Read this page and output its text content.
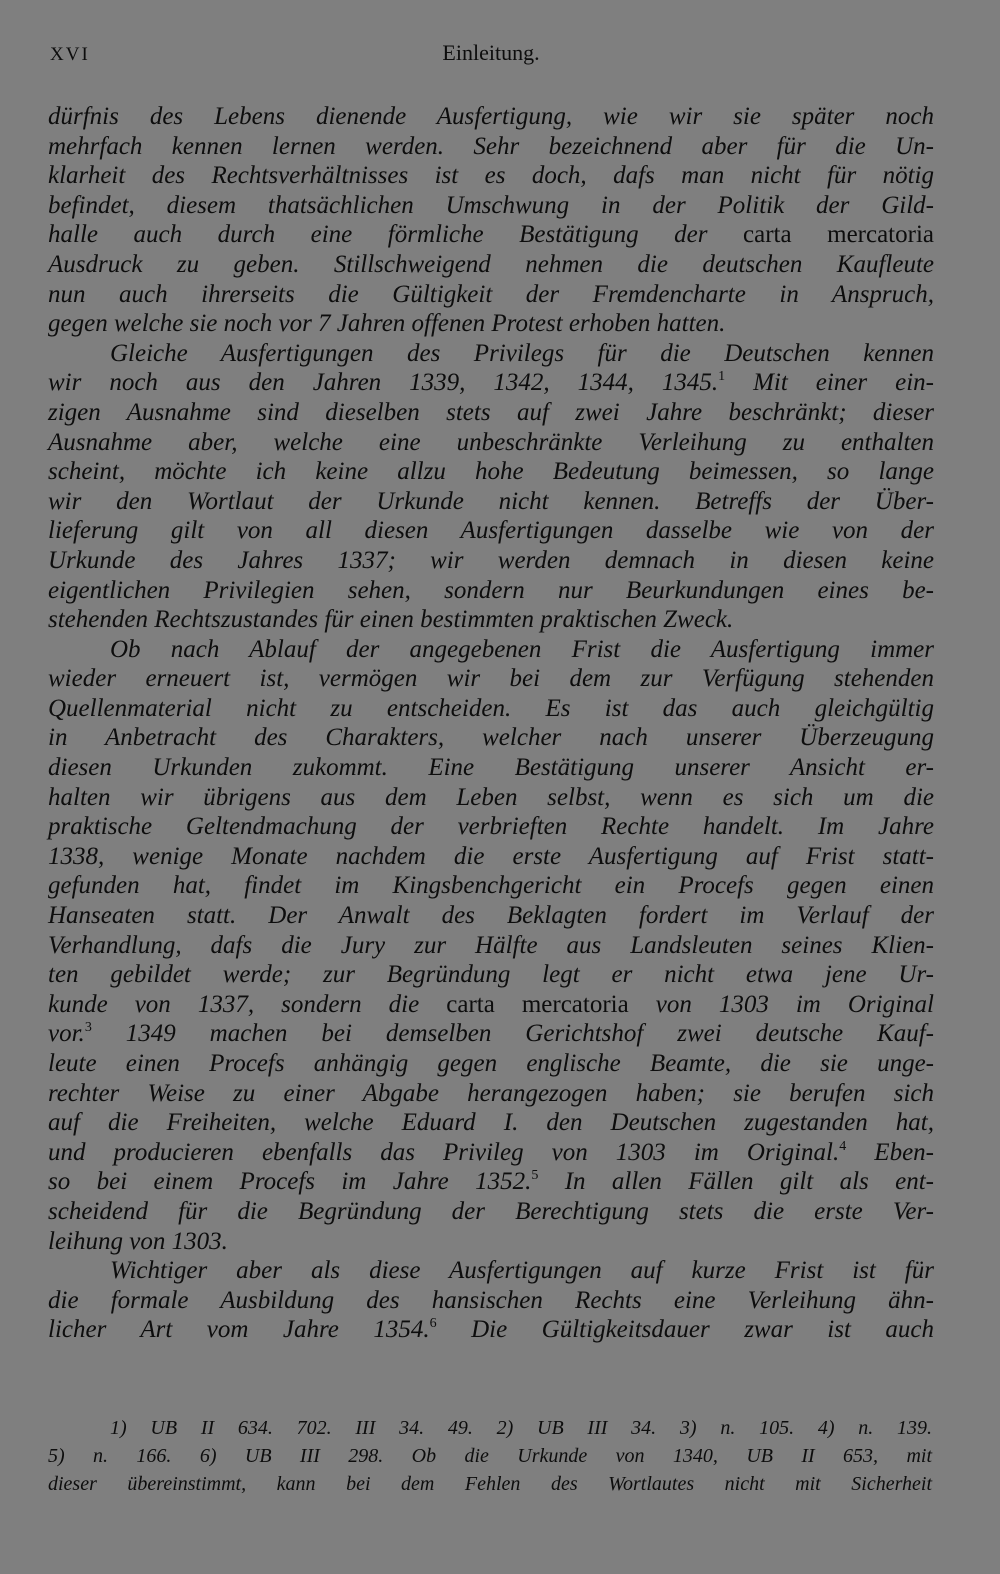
XVI	Einleitung.
dürfnis des Lebens dienende Ausfertigung, wie wir sie später noch
mehrfach kennen lernen werden. Sehr bezeichnend aber für die Un-
klarheit des Rechtsverhältnisses ist es doch, dafs man nicht für nötig
befindet, diesem thatsächlichen Umschwung in der Politik der Gild-
halle auch durch eine förmliche Bestätigung der carta mercatoria
Ausdruck zu geben. Stillschweigend nehmen die deutschen Kaufleute
nun auch ihrerseits die Gültigkeit der Fremdencharte in Anspruch,
gegen welche sie noch vor 7 Jahren offenen Protest erhoben hatten.
Gleiche Ausfertigungen des Privilegs für die Deutschen kennen
wir noch aus den Jahren 1339, 1342, 1344, 1345.$^1$ Mit einer ein-
zigen Ausnahme sind dieselben stets auf zwei Jahre beschränkt; dieser
Ausnahme aber, welche eine unbeschränkte Verleihung zu enthalten
scheint, möchte ich keine allzu hohe Bedeutung beimessen, so lange
wir den Wortlaut der Urkunde nicht kennen. Betreffs der Über-
lieferung gilt von all diesen Ausfertigungen dasselbe wie von der
Urkunde des Jahres 1337; wir werden demnach in diesen keine
eigentlichen Privilegien sehen, sondern nur Beurkundungen eines be-
stehenden Rechtszustandes für einen bestimmten praktischen Zweck.
Ob nach Ablauf der angegebenen Frist die Ausfertigung immer
wieder erneuert ist, vermögen wir bei dem zur Verfügung stehenden
Quellenmaterial nicht zu entscheiden. Es ist das auch gleichgültig
in Anbetracht des Charakters, welcher nach unserer Überzeugung
diesen Urkunden zukommt. Eine Bestätigung unserer Ansicht er-
halten wir übrigens aus dem Leben selbst, wenn es sich um die
praktische Geltendmachung der verbrieften Rechte handelt. Im Jahre
1338, wenige Monate nachdem die erste Ausfertigung auf Frist statt-
gefunden hat, findet im Kingsbenchgericht ein Procefs gegen einen
Hanseaten statt. Der Anwalt des Beklagten fordert im Verlauf der
Verhandlung, dafs die Jury zur Hälfte aus Landsleuten seines Klien-
ten gebildet werde; zur Begründung legt er nicht etwa jene Ur-
kunde von 1337, sondern die carta mercatoria von 1303 im Original
vor.$^3$ 1349 machen bei demselben Gerichtshof zwei deutsche Kauf-
leute einen Procefs anhängig gegen englische Beamte, die sie unge-
rechter Weise zu einer Abgabe herangezogen haben; sie berufen sich
auf die Freiheiten, welche Eduard I. den Deutschen zugestanden hat,
und producieren ebenfalls das Privileg von 1303 im Original.$^4$ Eben-
so bei einem Procefs im Jahre 1352.$^5$ In allen Fällen gilt als ent-
scheidend für die Begründung der Berechtigung stets die erste Ver-
leihung von 1303.
Wichtiger aber als diese Ausfertigungen auf kurze Frist ist für
die formale Ausbildung des hansischen Rechts eine Verleihung ähn-
licher Art vom Jahre 1354.$^6$ Die Gültigkeitsdauer zwar ist auch
1) UB II 634. 702. III 34. 49. 2) UB III 34. 3) n. 105. 4) n. 139.
5) n. 166. 6) UB III 298. Ob die Urkunde von 1340, UB II 653, mit
dieser übereinstimmt, kann bei dem Fehlen des Wortlautes nicht mit Sicherheit
